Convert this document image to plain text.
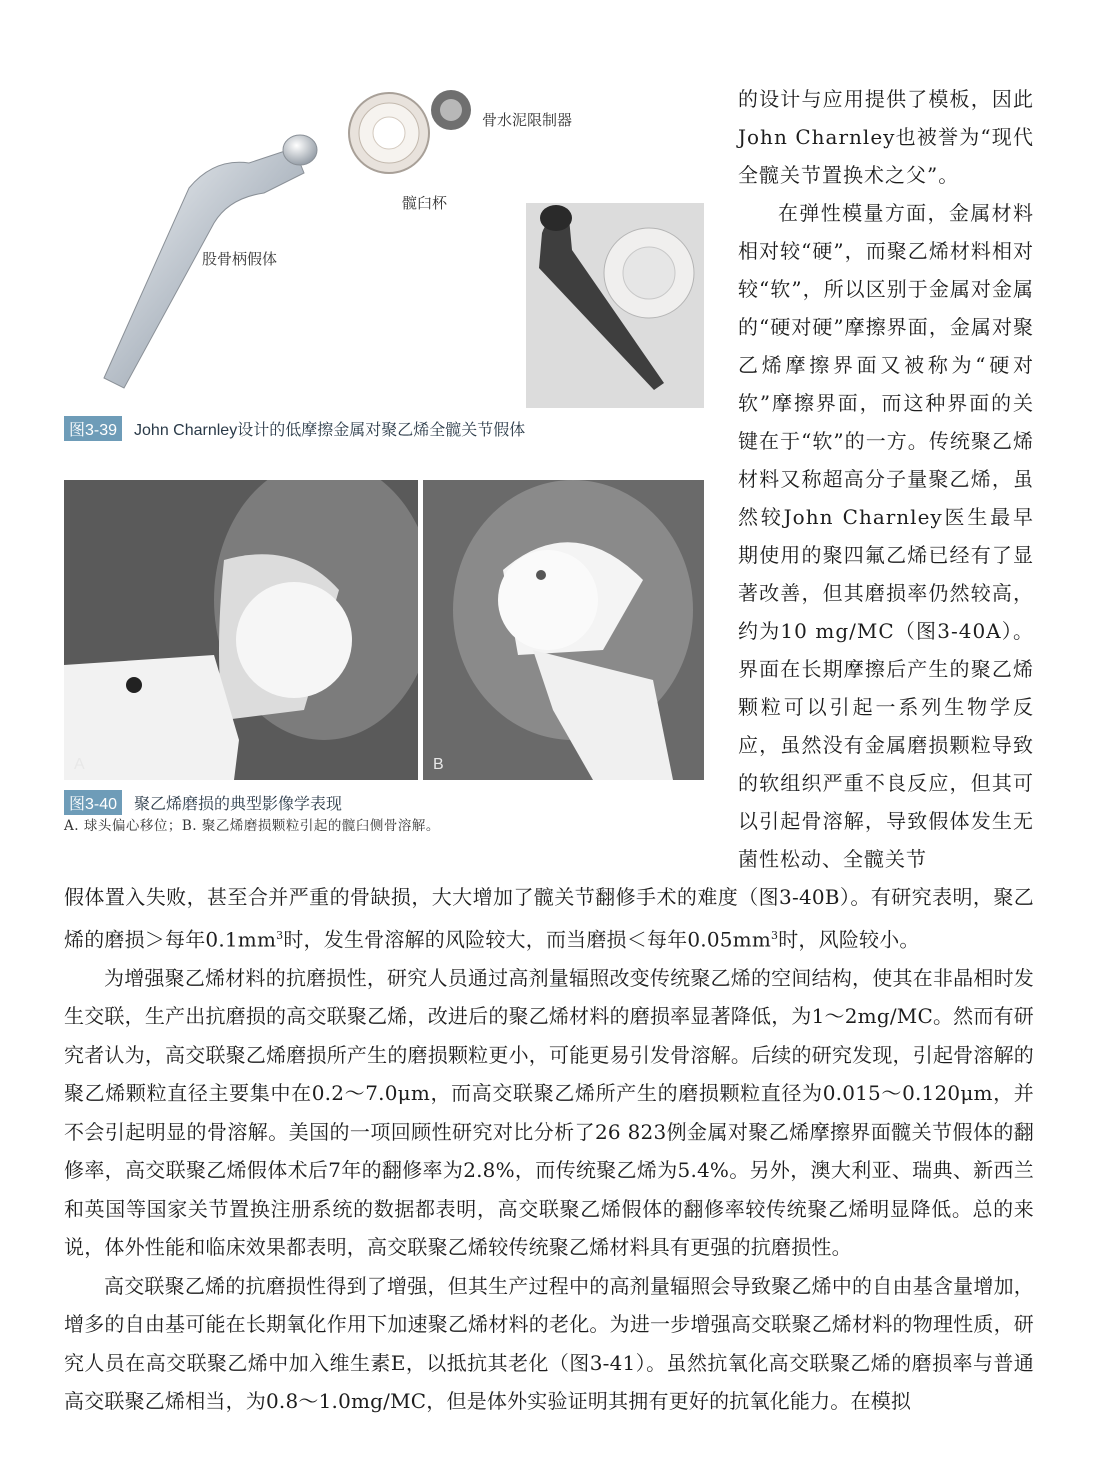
骨水泥限制器
髋臼杯
股骨柄假体
图3-39 John Charnley设计的低摩擦金属对聚乙烯全髋关节假体
A	B
图3-40 聚乙烯磨损的典型影像学表现
A. 球头偏心移位；B. 聚乙烯磨损颗粒引起的髋臼侧骨溶解。

的设计与应用提供了模板，因此John Charnley也被誉为“现代全髋关节置换术之父”。

在弹性模量方面，金属材料相对较“硬”，而聚乙烯材料相对较“软”，所以区别于金属对金属的“硬对硬”摩擦界面，金属对聚乙烯摩擦界面又被称为“硬对软”摩擦界面，而这种界面的关键在于“软”的一方。传统聚乙烯材料又称超高分子量聚乙烯，虽然较John Charnley医生最早期使用的聚四氟乙烯已经有了显著改善，但其磨损率仍然较高，约为10 mg/MC（图3-40A）。界面在长期摩擦后产生的聚乙烯颗粒可以引起一系列生物学反应，虽然没有金属磨损颗粒导致的软组织严重不良反应，但其可以引起骨溶解，导致假体发生无菌性松动、全髋关节

假体置入失败，甚至合并严重的骨缺损，大大增加了髋关节翻修手术的难度（图3-40B）。有研究表明，聚乙烯的磨损＞每年$0.1mm^3$时，发生骨溶解的风险较大，而当磨损＜每年$0.05mm^3$时，风险较小。

为增强聚乙烯材料的抗磨损性，研究人员通过高剂量辐照改变传统聚乙烯的空间结构，使其在非晶相时发生交联，生产出抗磨损的高交联聚乙烯，改进后的聚乙烯材料的磨损率显著降低，为1～2mg/MC。然而有研究者认为，高交联聚乙烯磨损所产生的磨损颗粒更小，可能更易引发骨溶解。后续的研究发现，引起骨溶解的聚乙烯颗粒直径主要集中在0.2～7.0μm，而高交联聚乙烯所产生的磨损颗粒直径为0.015～0.120μm，并不会引起明显的骨溶解。美国的一项回顾性研究对比分析了26 823例金属对聚乙烯摩擦界面髋关节假体的翻修率，高交联聚乙烯假体术后7年的翻修率为2.8%，而传统聚乙烯为5.4%。另外，澳大利亚、瑞典、新西兰和英国等国家关节置换注册系统的数据都表明，高交联聚乙烯假体的翻修率较传统聚乙烯明显降低。总的来说，体外性能和临床效果都表明，高交联聚乙烯较传统聚乙烯材料具有更强的抗磨损性。

高交联聚乙烯的抗磨损性得到了增强，但其生产过程中的高剂量辐照会导致聚乙烯中的自由基含量增加，增多的自由基可能在长期氧化作用下加速聚乙烯材料的老化。为进一步增强高交联聚乙烯材料的物理性质，研究人员在高交联聚乙烯中加入维生素E，以抵抗其老化（图3-41）。虽然抗氧化高交联聚乙烯的磨损率与普通高交联聚乙烯相当，为0.8～1.0mg/MC，但是体外实验证明其拥有更好的抗氧化能力。在模拟
